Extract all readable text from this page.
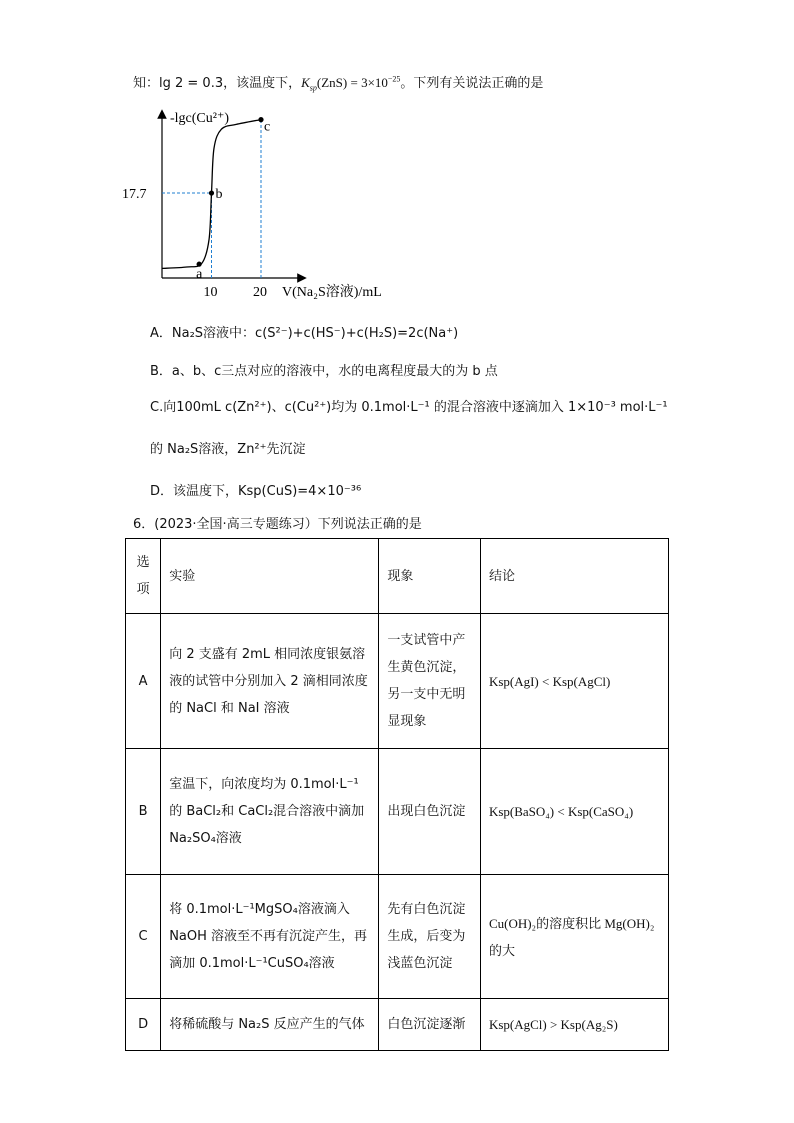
知：lg 2 = 0.3，该温度下，$K_{sp}(ZnS) = 3\times 10^{-25}$。下列有关说法正确的是
10	20
17.7
a
b
c
-lgc(Cu²⁺)
V(Na₂S溶液)/mL
A．Na₂S溶液中：c(S²⁻)+c(HS⁻)+c(H₂S)=2c(Na⁺)
B．a、b、c三点对应的溶液中，水的电离程度最大的为 b 点
C.向100mL c(Zn²⁺)、c(Cu²⁺)均为 0.1mol·L⁻¹ 的混合溶液中逐滴加入 1×10⁻³ mol·L⁻¹
的 Na₂S溶液，Zn²⁺先沉淀
D．该温度下，Ksp(CuS)=4×10⁻³⁶
6．(2023·全国·高三专题练习）下列说法正确的是
选项	实验	现象	结论
A	向 2 支盛有 2mL 相同浓度银氨溶液的试管中分别加入 2 滴相同浓度的 NaCl 和 NaI 溶液	一支试管中产生黄色沉淀，另一支中无明显现象	Ksp(AgI) < Ksp(AgCl)
B	室温下，向浓度均为 0.1mol·L⁻¹的 BaCl₂和 CaCl₂混合溶液中滴加 Na₂SO₄溶液	出现白色沉淀	Ksp(BaSO₄) < Ksp(CaSO₄)
C	将 0.1mol·L⁻¹MgSO₄溶液滴入 NaOH 溶液至不再有沉淀产生，再滴加 0.1mol·L⁻¹CuSO₄溶液	先有白色沉淀生成，后变为浅蓝色沉淀	Cu(OH)₂的溶度积比 Mg(OH)₂的大
D	将稀硫酸与 Na₂S 反应产生的气体	白色沉淀逐渐	Ksp(AgCl) > Ksp(Ag₂S)
